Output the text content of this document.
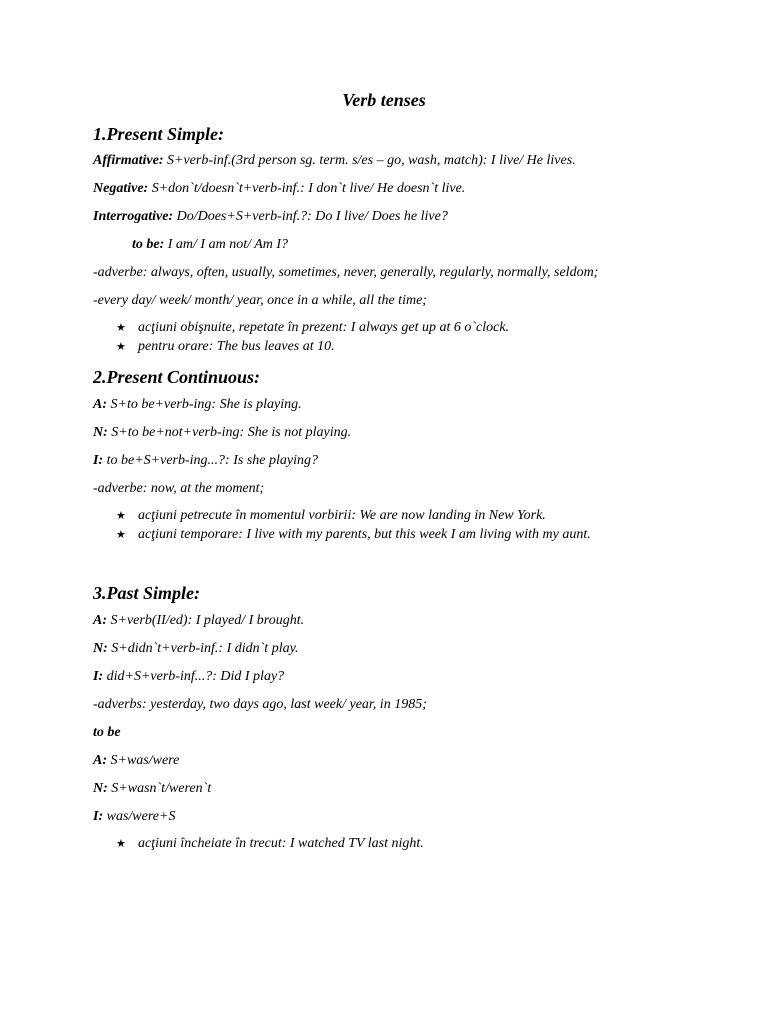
Verb tenses
1.Present Simple:
Affirmative: S+verb-inf.(3rd person sg. term. s/es – go, wash, match): I live/ He lives.
Negative: S+don`t/doesn`t+verb-inf.: I don`t live/ He doesn`t live.
Interrogative: Do/Does+S+verb-inf.?: Do I live/ Does he live?
to be: I am/ I am not/ Am I?
-adverbe: always, often, usually, sometimes, never, generally, regularly, normally, seldom;
-every day/ week/ month/ year, once in a while, all the time;
★ acţiuni obişnuite, repetate în prezent: I always get up at 6 o`clock.
★ pentru orare: The bus leaves at 10.
2.Present Continuous:
A: S+to be+verb-ing: She is playing.
N: S+to be+not+verb-ing: She is not playing.
I: to be+S+verb-ing...?: Is she playing?
-adverbe: now, at the moment;
★ acţiuni petrecute în momentul vorbirii: We are now landing in New York.
★ acţiuni temporare: I live with my parents, but this week I am living with my aunt.
3.Past Simple:
A: S+verb(II/ed): I played/ I brought.
N: S+didn`t+verb-inf.: I didn`t play.
I: did+S+verb-inf...?: Did I play?
-adverbs: yesterday, two days ago, last week/ year, in 1985;
to be
A: S+was/were
N: S+wasn`t/weren`t
I: was/were+S
★ acţiuni încheiate în trecut: I watched TV last night.
